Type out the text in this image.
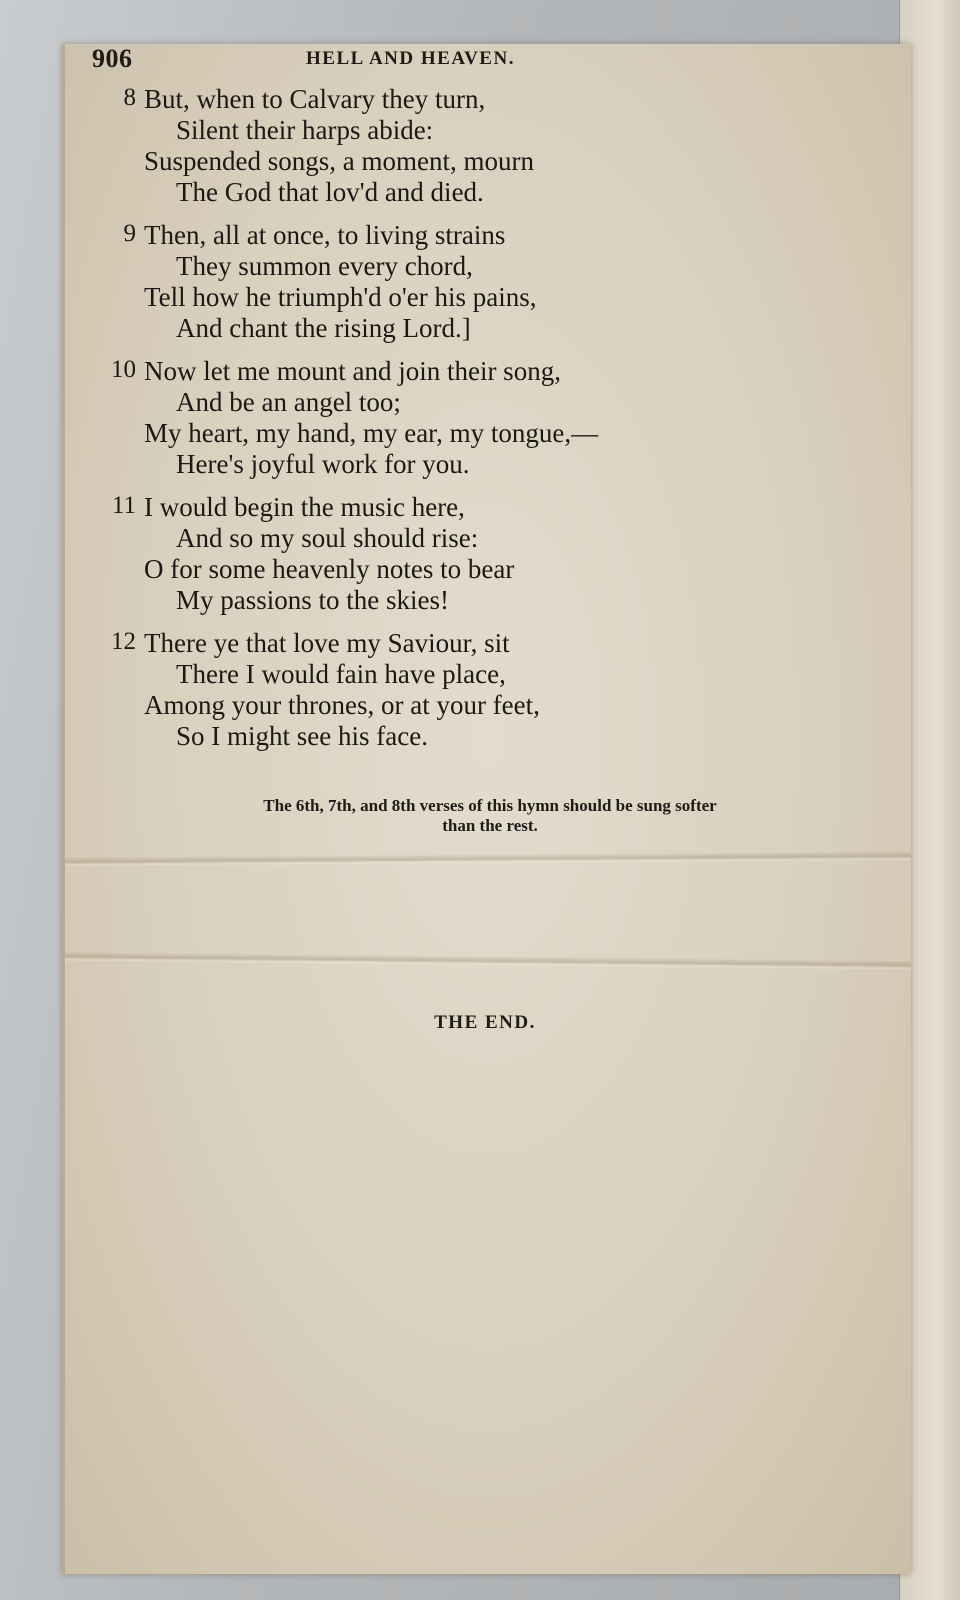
906	HELL AND HEAVEN.
8 But, when to Calvary they turn,
Silent their harps abide:
Suspended songs, a moment, mourn
The God that lov'd and died.
9 Then, all at once, to living strains
They summon every chord,
Tell how he triumph'd o'er his pains,
And chant the rising Lord.]
10 Now let me mount and join their song,
And be an angel too;
My heart, my hand, my ear, my tongue,—
Here's joyful work for you.
11 I would begin the music here,
And so my soul should rise:
O for some heavenly notes to bear
My passions to the skies!
12 There ye that love my Saviour, sit
There I would fain have place,
Among your thrones, or at your feet,
So I might see his face.
The 6th, 7th, and 8th verses of this hymn should be sung softer
than the rest.
THE END.
